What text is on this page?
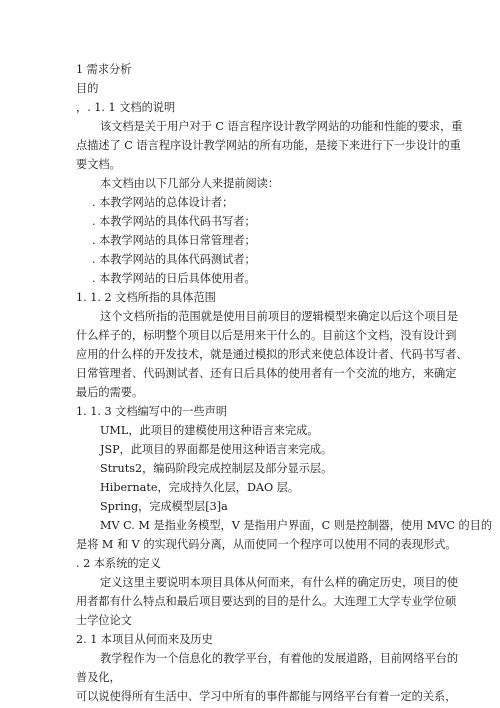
1 需求分析
目的
，. 1. 1 文档的说明
该文档是关于用户对于 C 语言程序设计教学网站的功能和性能的要求，重
点描述了 C 语言程序设计教学网站的所有功能，是接下来进行下一步设计的重
要文档。
本文档由以下几部分人来提前阅读：
. 本教学网站的总体设计者；
. 本教学网站的具体代码书写者；
. 本教学网站的具体日常管理者；
. 本教学网站的具体代码测试者；
. 本教学网站的日后具体使用者。
1. 1. 2 文档所指的具体范围
这个文档所指的范围就是使用目前项目的逻辑模型来确定以后这个项目是
什么样子的，标明整个项目以后是用来干什么的。目前这个文档，没有设计到
应用的什么样的开发技术，就是通过模拟的形式来使总体设计者、代码书写者、
日常管理者、代码测试者、还有日后具体的使用者有一个交流的地方，来确定
最后的需要。
1. 1. 3 文档编写中的一些声明
UML，此项目的建模使用这种语言来完成。
JSP，此项目的界面都是使用这种语言来完成。
Struts2，编码阶段完成控制层及部分显示层。
Hibernate，完成持久化层，DAO 层。
Spring，完成模型层[3]a
MV C. M 是指业务模型，V 是指用户界面，C 则是控制器，使用 MVC 的目的
是将 M 和 V 的实现代码分离，从而使同一个程序可以使用不同的表现形式。
. 2 本系统的定义
定义这里主要说明本项目具体从何而来，有什么样的确定历史，项目的使
用者都有什么特点和最后项目要达到的目的是什么。大连理工大学专业学位硕
士学位论文
2. 1 本项目从何而来及历史
教学程作为一个信息化的教学平台，有着他的发展道路，目前网络平台的
普及化，
可以说使得所有生活中、学习中所有的事件都能与网络平台有着一定的关系，
